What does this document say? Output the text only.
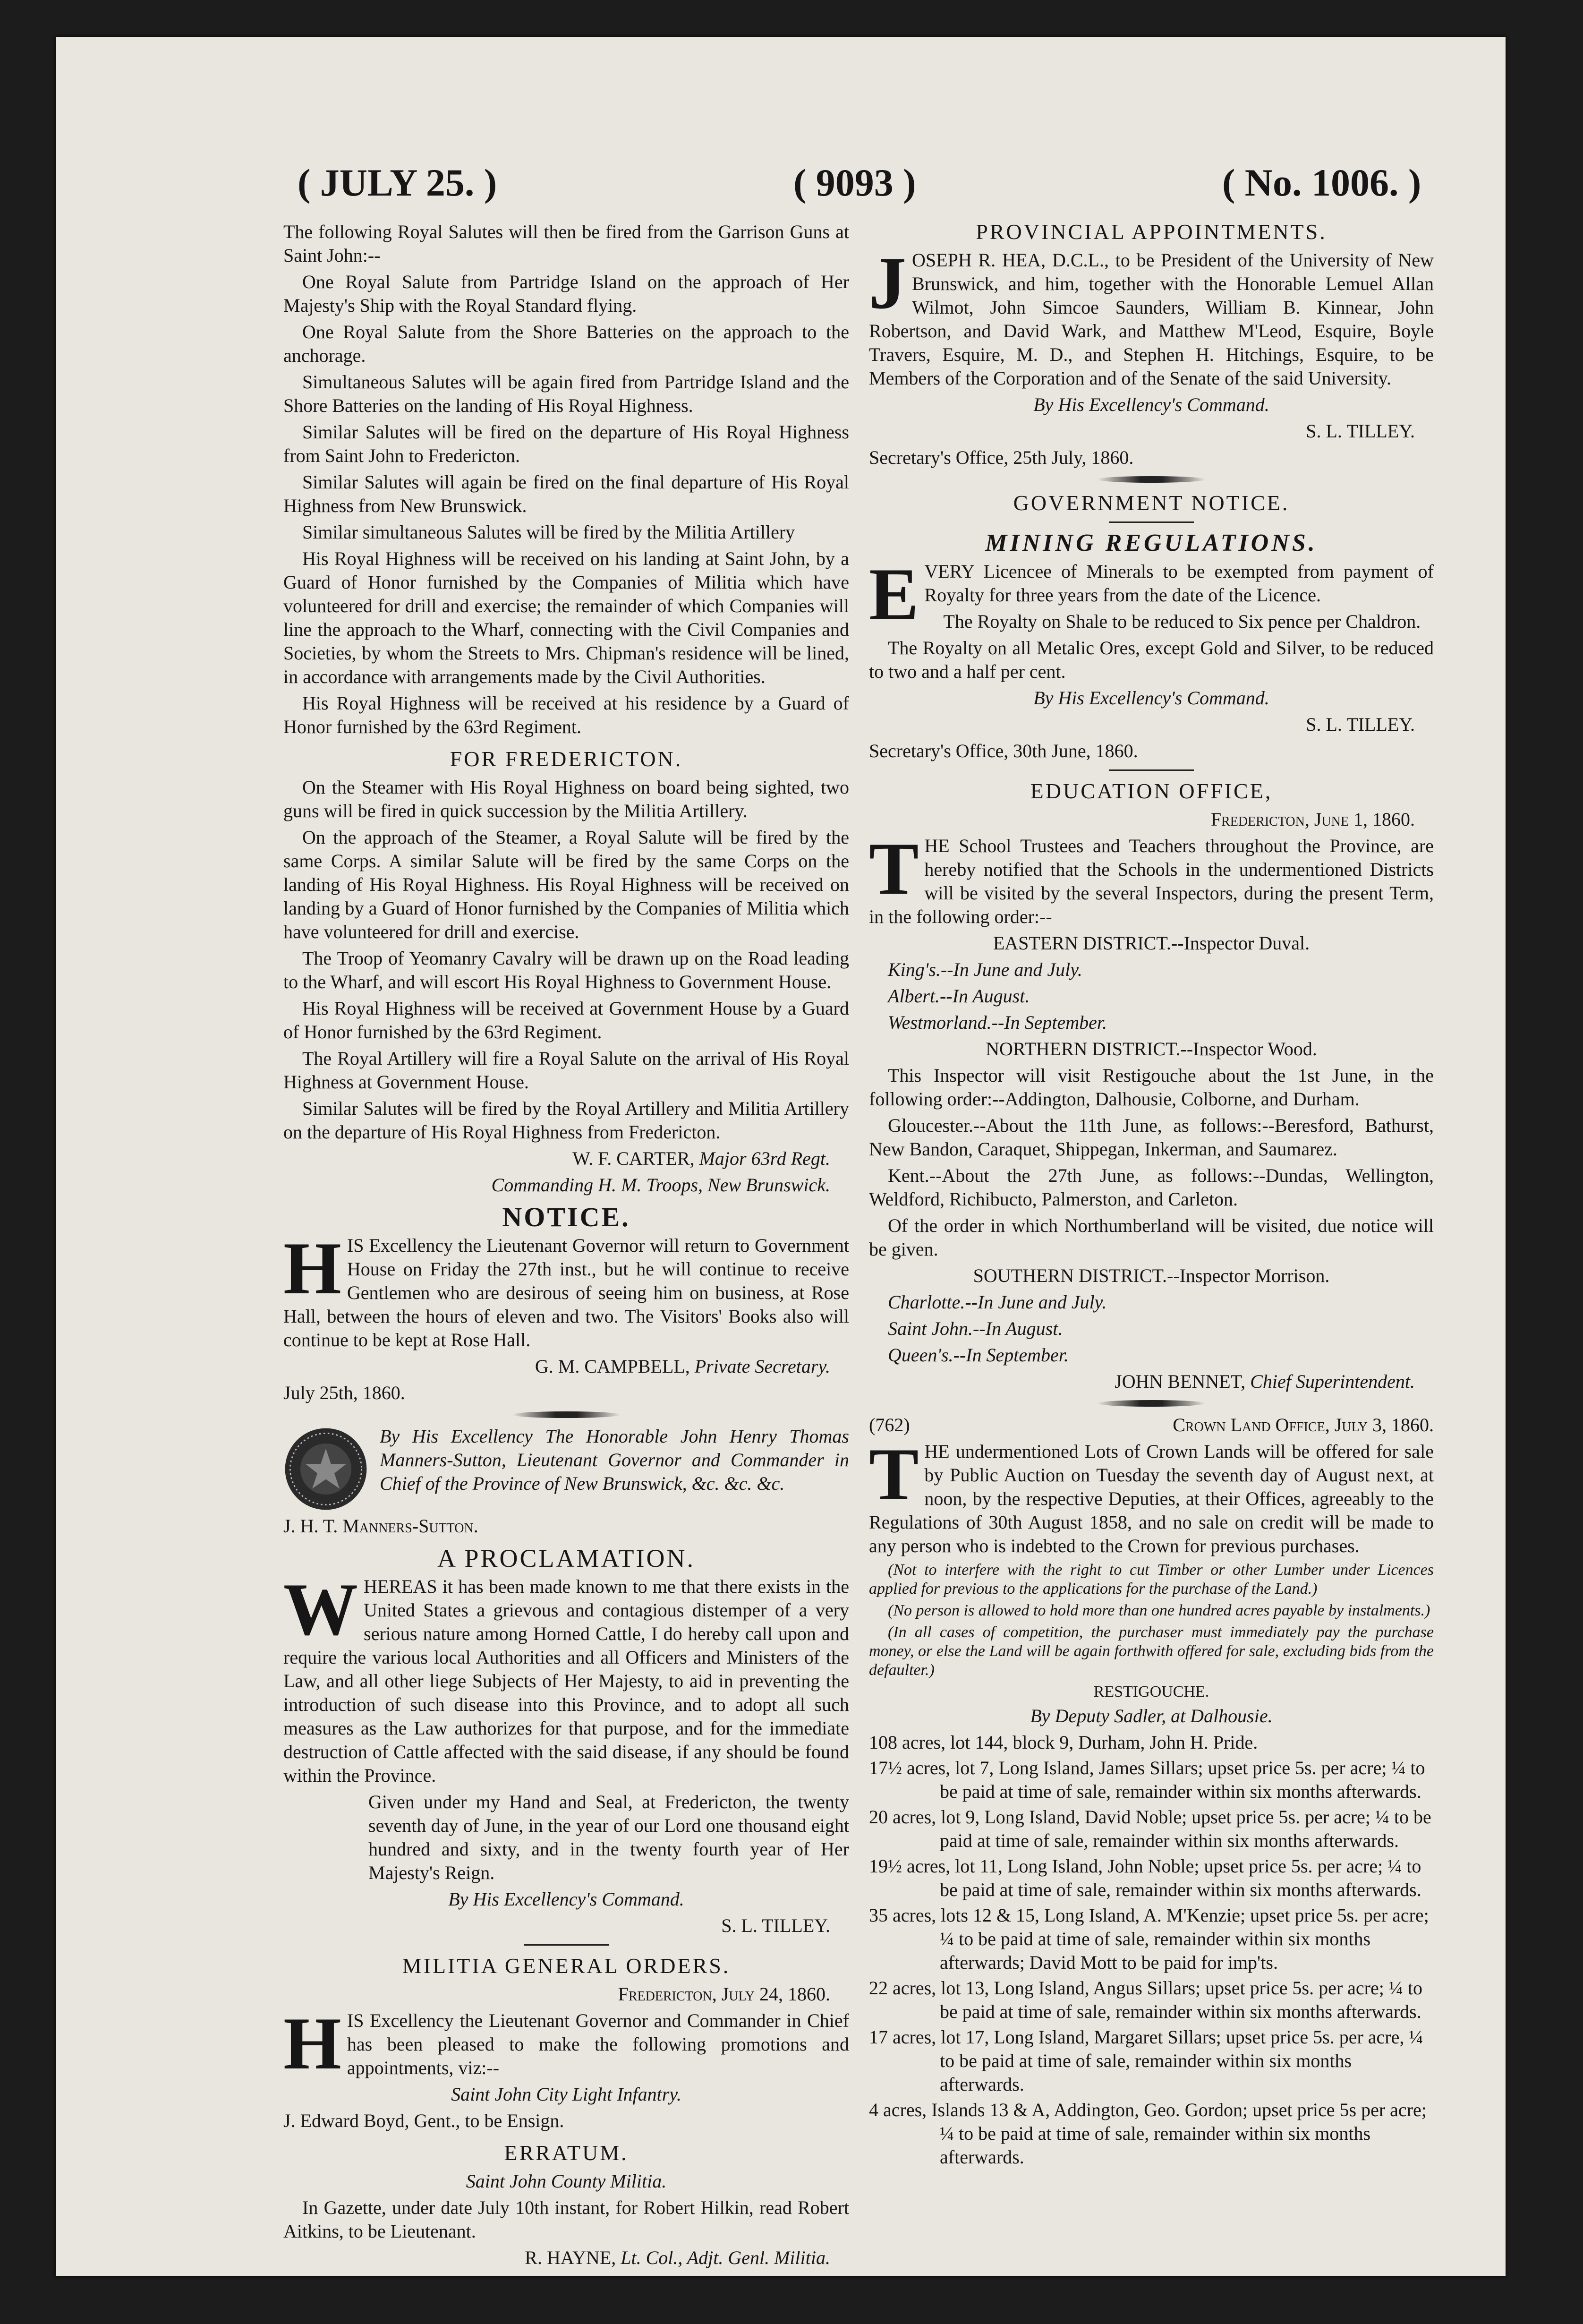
( JULY 25. )	( 9093 )	( No. 1006. )

The following Royal Salutes will then be fired from the Garrison Guns at Saint John:--

One Royal Salute from Partridge Island on the approach of Her Majesty's Ship with the Royal Standard flying.

One Royal Salute from the Shore Batteries on the approach to the anchorage.

Simultaneous Salutes will be again fired from Partridge Island and the Shore Batteries on the landing of His Royal Highness.

Similar Salutes will be fired on the departure of His Royal Highness from Saint John to Fredericton.

Similar Salutes will again be fired on the final departure of His Royal Highness from New Brunswick.

Similar simultaneous Salutes will be fired by the Militia Artillery

His Royal Highness will be received on his landing at Saint John, by a Guard of Honor furnished by the Companies of Militia which have volunteered for drill and exercise; the remainder of which Companies will line the approach to the Wharf, connecting with the Civil Companies and Societies, by whom the Streets to Mrs. Chipman's residence will be lined, in accordance with arrangements made by the Civil Authorities.

His Royal Highness will be received at his residence by a Guard of Honor furnished by the 63rd Regiment.

FOR FREDERICTON.

On the Steamer with His Royal Highness on board being sighted, two guns will be fired in quick succession by the Militia Artillery.

On the approach of the Steamer, a Royal Salute will be fired by the same Corps. A similar Salute will be fired by the same Corps on the landing of His Royal Highness. His Royal Highness will be received on landing by a Guard of Honor furnished by the Companies of Militia which have volunteered for drill and exercise.

The Troop of Yeomanry Cavalry will be drawn up on the Road leading to the Wharf, and will escort His Royal Highness to Government House.

His Royal Highness will be received at Government House by a Guard of Honor furnished by the 63rd Regiment.

The Royal Artillery will fire a Royal Salute on the arrival of His Royal Highness at Government House.

Similar Salutes will be fired by the Royal Artillery and Militia Artillery on the departure of His Royal Highness from Fredericton.

W. F. CARTER, Major 63rd Regt.

Commanding H. M. Troops, New Brunswick.

NOTICE.

HIS Excellency the Lieutenant Governor will return to Government House on Friday the 27th inst., but he will continue to receive Gentlemen who are desirous of seeing him on business, at Rose Hall, between the hours of eleven and two. The Visitors' Books also will continue to be kept at Rose Hall.

G. M. CAMPBELL, Private Secretary.

July 25th, 1860.

By His Excellency The Honorable John Henry Thomas Manners-Sutton, Lieutenant Governor and Commander in Chief of the Province of New Brunswick, &c. &c. &c.

J. H. T. Manners-Sutton.

A PROCLAMATION.

WHEREAS it has been made known to me that there exists in the United States a grievous and contagious distemper of a very serious nature among Horned Cattle, I do hereby call upon and require the various local Authorities and all Officers and Ministers of the Law, and all other liege Subjects of Her Majesty, to aid in preventing the introduction of such disease into this Province, and to adopt all such measures as the Law authorizes for that purpose, and for the immediate destruction of Cattle affected with the said disease, if any should be found within the Province.

Given under my Hand and Seal, at Fredericton, the twenty seventh day of June, in the year of our Lord one thousand eight hundred and sixty, and in the twenty fourth year of Her Majesty's Reign.

By His Excellency's Command.

S. L. TILLEY.

MILITIA GENERAL ORDERS.

Fredericton, July 24, 1860.

HIS Excellency the Lieutenant Governor and Commander in Chief has been pleased to make the following promotions and appointments, viz:--

Saint John City Light Infantry.

J. Edward Boyd, Gent., to be Ensign.

ERRATUM.

Saint John County Militia.

In Gazette, under date July 10th instant, for Robert Hilkin, read Robert Aitkins, to be Lieutenant.

R. HAYNE, Lt. Col., Adjt. Genl. Militia.

PROVINCIAL APPOINTMENTS.

JOSEPH R. HEA, D.C.L., to be President of the University of New Brunswick, and him, together with the Honorable Lemuel Allan Wilmot, John Simcoe Saunders, William B. Kinnear, John Robertson, and David Wark, and Matthew M'Leod, Esquire, Boyle Travers, Esquire, M. D., and Stephen H. Hitchings, Esquire, to be Members of the Corporation and of the Senate of the said University.

By His Excellency's Command.

S. L. TILLEY.

Secretary's Office, 25th July, 1860.

GOVERNMENT NOTICE.
MINING REGULATIONS.

EVERY Licencee of Minerals to be exempted from payment of Royalty for three years from the date of the Licence.

The Royalty on Shale to be reduced to Six pence per Chaldron.

The Royalty on all Metalic Ores, except Gold and Silver, to be reduced to two and a half per cent.

By His Excellency's Command.

S. L. TILLEY.

Secretary's Office, 30th June, 1860.

EDUCATION OFFICE,

Fredericton, June 1, 1860.

THE School Trustees and Teachers throughout the Province, are hereby notified that the Schools in the undermentioned Districts will be visited by the several Inspectors, during the present Term, in the following order:--

EASTERN DISTRICT.--Inspector Duval.

King's.--In June and July.

Albert.--In August.

Westmorland.--In September.

NORTHERN DISTRICT.--Inspector Wood.

This Inspector will visit Restigouche about the 1st June, in the following order:--Addington, Dalhousie, Colborne, and Durham.

Gloucester.--About the 11th June, as follows:--Beresford, Bathurst, New Bandon, Caraquet, Shippegan, Inkerman, and Saumarez.

Kent.--About the 27th June, as follows:--Dundas, Wellington, Weldford, Richibucto, Palmerston, and Carleton.

Of the order in which Northumberland will be visited, due notice will be given.

SOUTHERN DISTRICT.--Inspector Morrison.

Charlotte.--In June and July.

Saint John.--In August.

Queen's.--In September.

JOHN BENNET, Chief Superintendent.

(762)	Crown Land Office, July 3, 1860.

THE undermentioned Lots of Crown Lands will be offered for sale by Public Auction on Tuesday the seventh day of August next, at noon, by the respective Deputies, at their Offices, agreeably to the Regulations of 30th August 1858, and no sale on credit will be made to any person who is indebted to the Crown for previous purchases.

(Not to interfere with the right to cut Timber or other Lumber under Licences applied for previous to the applications for the purchase of the Land.)

(No person is allowed to hold more than one hundred acres payable by instalments.)

(In all cases of competition, the purchaser must immediately pay the purchase money, or else the Land will be again forthwith offered for sale, excluding bids from the defaulter.)

RESTIGOUCHE.

By Deputy Sadler, at Dalhousie.

108 acres, lot 144, block 9, Durham, John H. Pride.

17½ acres, lot 7, Long Island, James Sillars; upset price 5s. per acre; ¼ to be paid at time of sale, remainder within six months afterwards.

20 acres, lot 9, Long Island, David Noble; upset price 5s. per acre; ¼ to be paid at time of sale, remainder within six months afterwards.

19½ acres, lot 11, Long Island, John Noble; upset price 5s. per acre; ¼ to be paid at time of sale, remainder within six months afterwards.

35 acres, lots 12 & 15, Long Island, A. M'Kenzie; upset price 5s. per acre; ¼ to be paid at time of sale, remainder within six months afterwards; David Mott to be paid for imp'ts.

22 acres, lot 13, Long Island, Angus Sillars; upset price 5s. per acre; ¼ to be paid at time of sale, remainder within six months afterwards.

17 acres, lot 17, Long Island, Margaret Sillars; upset price 5s. per acre, ¼ to be paid at time of sale, remainder within six months afterwards.

4 acres, Islands 13 & A, Addington, Geo. Gordon; upset price 5s per acre; ¼ to be paid at time of sale, remainder within six months afterwards.
